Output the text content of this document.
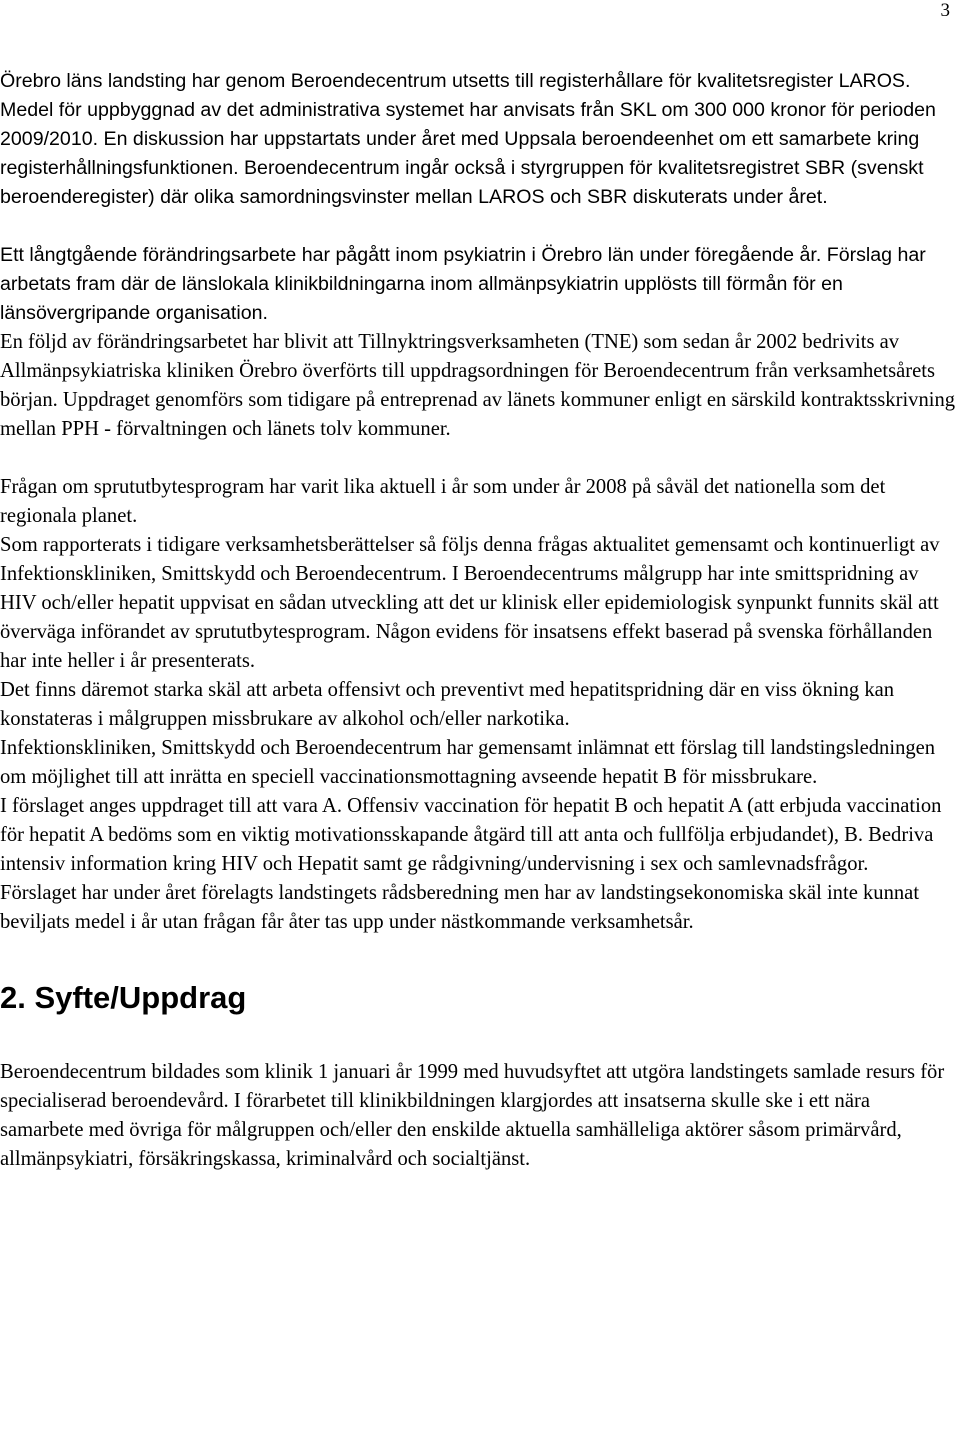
3

Örebro läns landsting har genom Beroendecentrum utsetts till registerhållare för kvalitetsregister LAROS. Medel för uppbyggnad av det administrativa systemet har anvisats från SKL om 300 000 kronor för perioden 2009/2010. En diskussion har uppstartats under året med Uppsala beroendeenhet om ett samarbete kring registerhållningsfunktionen. Beroendecentrum ingår också i styrgruppen för kvalitetsregistret SBR (svenskt beroenderegister) där olika samordningsvinster mellan LAROS och SBR diskuterats under året.

Ett långtgående förändringsarbete har pågått inom psykiatrin i Örebro län under föregående år. Förslag har arbetats fram där de länslokala klinikbildningarna inom allmänpsykiatrin upplösts till förmån för en länsövergripande organisation.

En följd av förändringsarbetet har blivit att Tillnyktringsverksamheten (TNE) som sedan år 2002 bedrivits av Allmänpsykiatriska kliniken Örebro överförts till uppdragsordningen för Beroendecentrum från verksamhetsårets början. Uppdraget genomförs som tidigare på entreprenad av länets kommuner enligt en särskild kontraktsskrivning mellan PPH - förvaltningen och länets tolv kommuner.

Frågan om sprututbytesprogram har varit lika aktuell i år som under år 2008 på såväl det nationella som det regionala planet.

Som rapporterats i tidigare verksamhetsberättelser så följs denna frågas aktualitet gemensamt och kontinuerligt av Infektionskliniken, Smittskydd och Beroendecentrum. I Beroendecentrums målgrupp har inte smittspridning av HIV och/eller hepatit uppvisat en sådan utveckling att det ur klinisk eller epidemiologisk synpunkt funnits skäl att överväga införandet av sprututbytesprogram. Någon evidens för insatsens effekt baserad på svenska förhållanden har inte heller i år presenterats.

Det finns däremot starka skäl att arbeta offensivt och preventivt med hepatitspridning där en viss ökning kan konstateras i målgruppen missbrukare av alkohol och/eller narkotika.

Infektionskliniken, Smittskydd och Beroendecentrum har gemensamt inlämnat ett förslag till landstingsledningen om möjlighet till att inrätta en speciell vaccinationsmottagning avseende hepatit B för missbrukare.

I förslaget anges uppdraget till att vara A. Offensiv vaccination för hepatit B och hepatit A (att erbjuda vaccination för hepatit A bedöms som en viktig motivationsskapande åtgärd till att anta och fullfölja erbjudandet), B. Bedriva intensiv information kring HIV och Hepatit samt ge rådgivning/undervisning i sex och samlevnadsfrågor.

Förslaget har under året förelagts landstingets rådsberedning men har av landstingsekonomiska skäl inte kunnat beviljats medel i år utan frågan får åter tas upp under nästkommande verksamhetsår.

2. Syfte/Uppdrag

Beroendecentrum bildades som klinik 1 januari år 1999 med huvudsyftet att utgöra landstingets samlade resurs för specialiserad beroendevård. I förarbetet till klinikbildningen klargjordes att insatserna skulle ske i ett nära samarbete med övriga för målgruppen och/eller den enskilde aktuella samhälleliga aktörer såsom primärvård, allmänpsykiatri, försäkringskassa, kriminalvård och socialtjänst.
